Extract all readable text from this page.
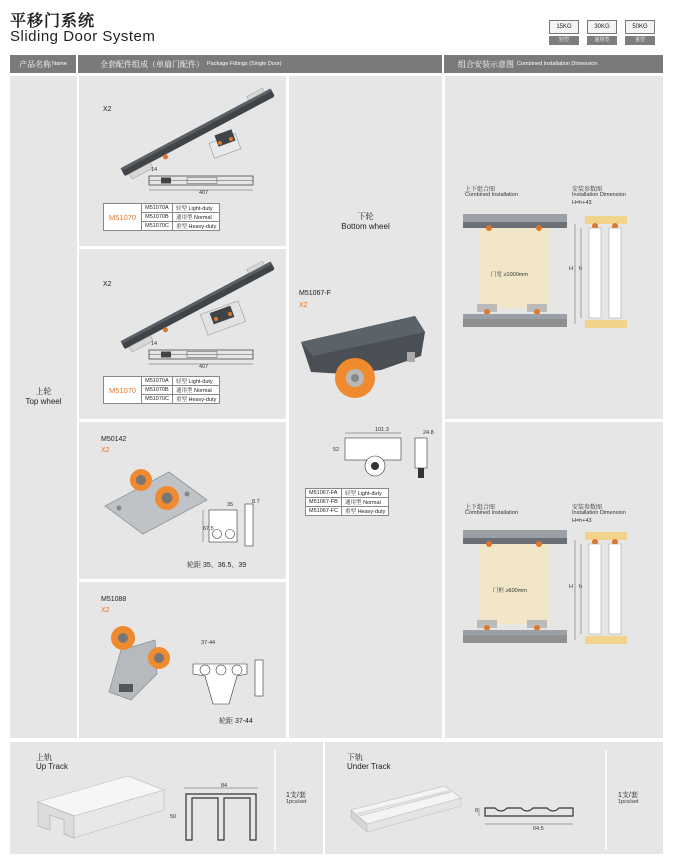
平移门系统
Sliding Door System
15KG
轻型
30KG
通用型
50KG
重型
产品名称 Name	全套配件组成（单扇门配件） Package Fittings (Single Door)	组合安装示意图 Combined Installation Dimension
上轮
Top wheel
X2
14
407
M51070	M51070A	轻型 Light-duty
	M51070B	通用型 Normal
	M51070C	重型 Heavy-duty
X2
14
407
M51070	M51070A	轻型 Light-duty
	M51070B	通用型 Normal
	M51070C	重型 Heavy-duty
M50142
X2
35	8.7
67.5
轮距 35、36.5、39
M51088
X2
37-44
轮距 37-44
下轮
Bottom wheel
M51067-F
X2
101.3	24.8
52
M51067-FA	轻型 Light-duty
M51067-FB	通用型 Normal
M51067-FC	重型 Heavy-duty
上下组合图
Combined Installation
安装参数图
Installation Dimension
H=h+43
门宽 ≥1000mm
H h
上下组合图
Combined Installation
安装参数图
Installation Dimension
H=h+43
门框 ≥600mm
H h
上轨
Up Track
84
50
1支/套
1pcs/set
下轨
Under Track
8
64.5
1支/套
1pcs/set
